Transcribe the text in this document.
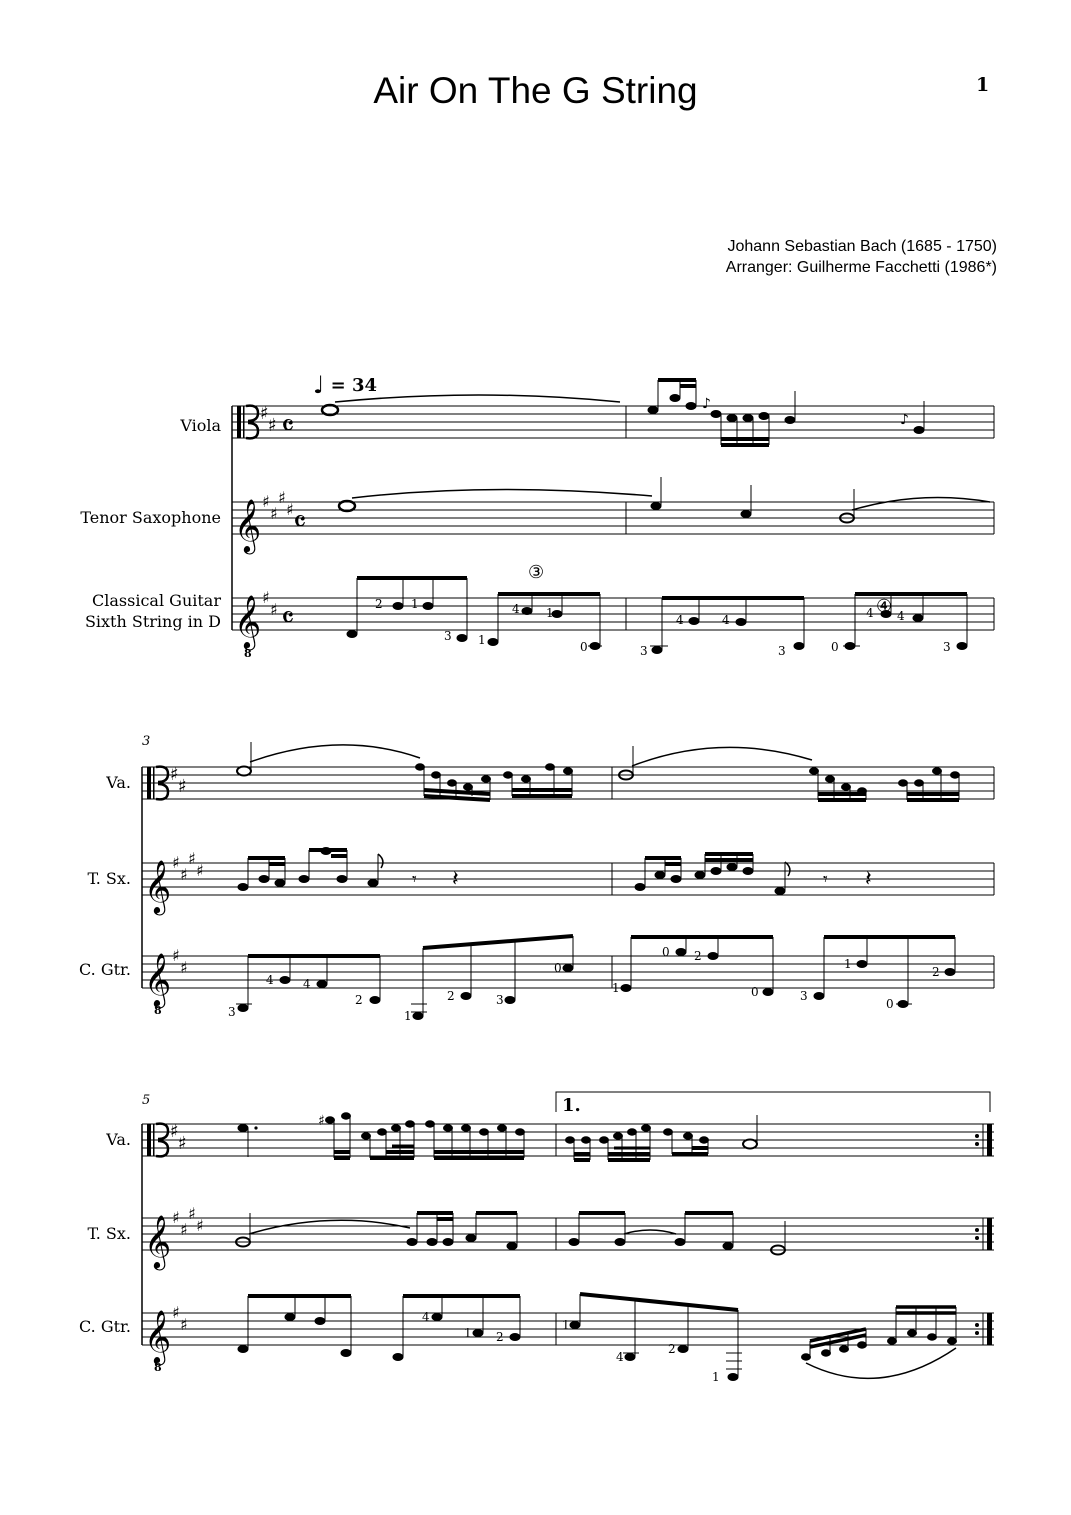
Air On The G String	1
Johann Sebastian Bach (1685 - 1750)
Arranger: Guilherme Facchetti (1986*)
♩ = 34
Viola
Tenor Saxophone
Classical Guitar
Sixth String in D
♯
♯ 𝄴
𝄞 ♯
♯
♯
♯ 𝄴
𝄞
8
♯
♯ 𝄴
♪
♪
③
④
2 1
3
4
1
1
0
4	4
3	3
4 4
0	3
3
Va.
T. Sx.
C. Gtr.
♯
♯
𝄞 ♯
♯
♯
♯
𝄞
8
♯
♯
𝄾 𝄽	𝄾 𝄽
4 4
3
2	2	3
1
0
0 2
1	0	3
1
0
2
5
Va.
T. Sx.
C. Gtr.
1.
♯
♯
𝄞 ♯
♯
♯
♯
𝄞
8
♯
♯
♯
4
1 2
1
4
2
1
